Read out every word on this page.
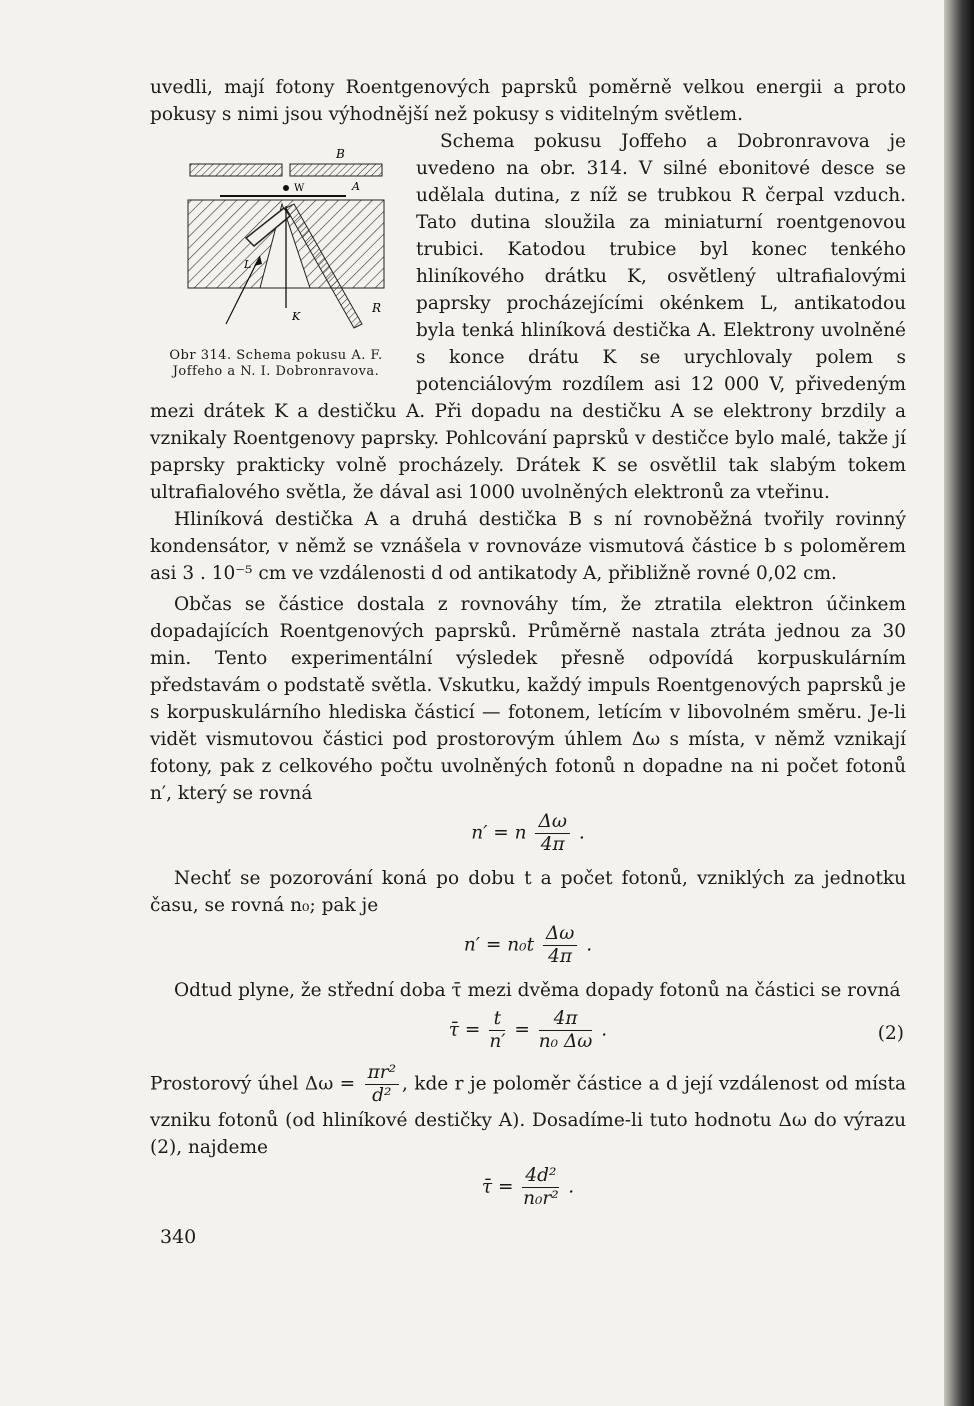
uvedli, mají fotony Roentgenových paprsků poměrně velkou energii a proto pokusy s nimi jsou výhodnější než pokusy s viditelným světlem.

B
W	A
L
K
R
Obr 314. Schema pokusu A. F. Joffeho a N. I. Dobronravova.

Schema pokusu Joffeho a Dobronravova je uvedeno na obr. 314. V silné ebonitové desce se udělala dutina, z níž se trubkou R čerpal vzduch. Tato dutina sloužila za miniaturní roentgenovou trubici. Katodou trubice byl konec tenkého hliníkového drátku K, osvětlený ultrafialovými paprsky procházejícími okénkem L, antikatodou byla tenká hliníková destička A. Elektrony uvolněné s konce drátu K se urychlovaly polem s potenciálovým rozdílem asi 12 000 V, přivedeným mezi drátek K a destičku A. Při dopadu na destičku A se elektrony brzdily a vznikaly Roentgenovy paprsky. Pohlcování paprsků v destičce bylo malé, takže jí paprsky prakticky volně procházely. Drátek K se osvětlil tak slabým tokem ultrafialového světla, že dával asi 1000 uvolněných elektronů za vteřinu.

Hliníková destička A a druhá destička B s ní rovnoběžná tvořily rovinný kondensátor, v němž se vznášela v rovnováze vismutová částice b s poloměrem asi 3 . 10⁻⁵ cm ve vzdálenosti d od antikatody A, přibližně rovné 0,02 cm.

Občas se částice dostala z rovnováhy tím, že ztratila elektron účinkem dopadajících Roentgenových paprsků. Průměrně nastala ztráta jednou za 30 min. Tento experimentální výsledek přesně odpovídá korpuskulárním představám o podstatě světla. Vskutku, každý impuls Roentgenových paprsků je s korpuskulárního hlediska částicí — fotonem, letícím v libovolném směru. Je-li vidět vismutovou částici pod prostorovým úhlem Δω s místa, v němž vznikají fotony, pak z celkového počtu uvolněných fotonů n dopadne na ni počet fotonů n′, který se rovná

n′ = n $\frac{\Delta\omega}{4\pi}$ .

Nechť se pozorování koná po dobu t a počet fotonů, vzniklých za jednotku času, se rovná n₀; pak je

$n' = n_0t \frac{\Delta\omega}{4\pi}$ .

Odtud plyne, že střední doba τ̄ mezi dvěma dopady fotonů na částici se rovná

τ̄ = $\frac{t}{n'} = \frac{4\pi}{\text{n₀ Δω}}$ .	(2)

Prostorový úhel $\Delta\omega = \frac{\text{πr²}}{\text{d²}}$ , kde r je poloměr částice a d její vzdálenost od místa vzniku fotonů (od hliníkové destičky A). Dosadíme-li tuto hodnotu Δω do výrazu (2), najdeme

τ̄ = $\frac{\text{4d²}}{\text{n₀r²}}$ .
340
